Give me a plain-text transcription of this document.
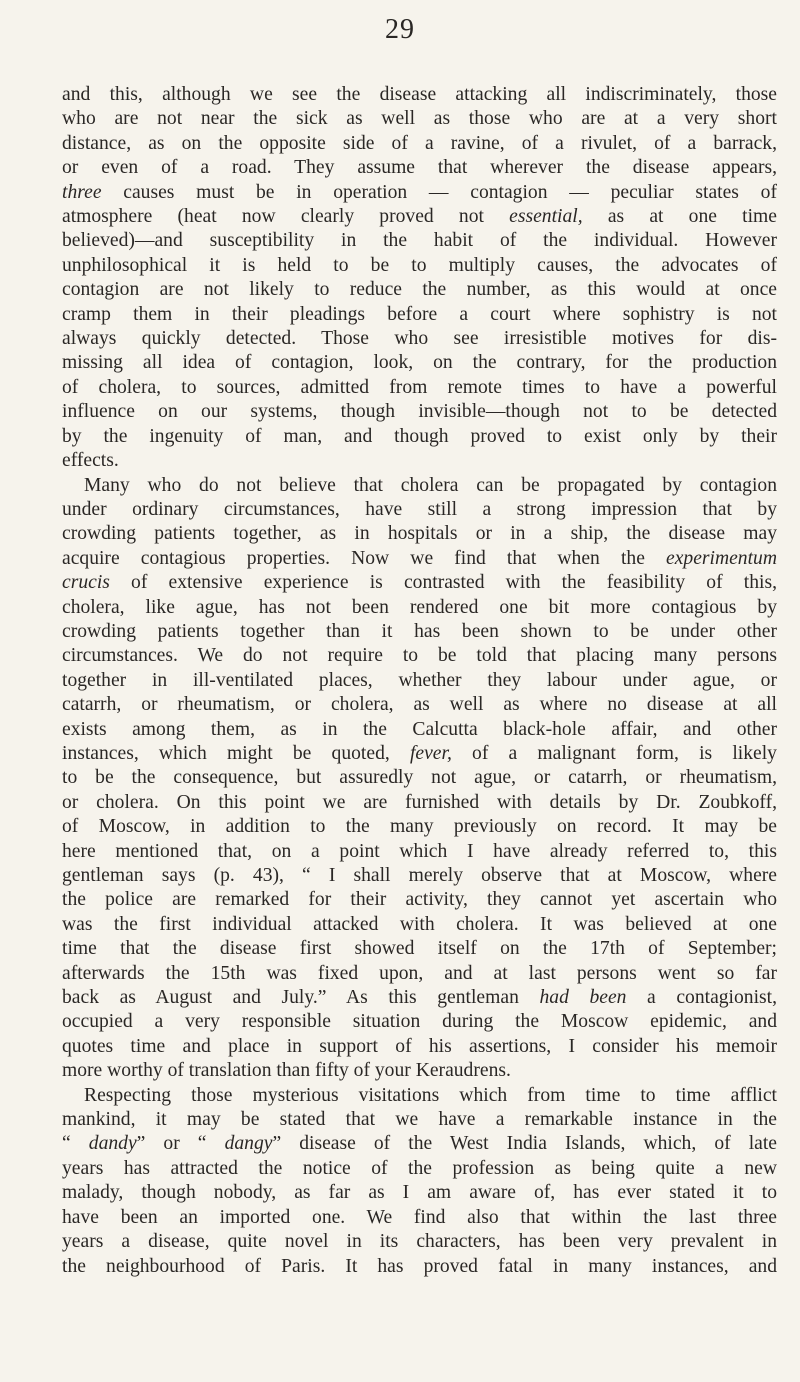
29
and this, although we see the disease attacking all indiscriminately, those
who are not near the sick as well as those who are at a very short
distance, as on the opposite side of a ravine, of a rivulet, of a barrack,
or even of a road. They assume that wherever the disease appears,
three causes must be in operation — contagion — peculiar states of
atmosphere (heat now clearly proved not essential, as at one time
believed)—and susceptibility in the habit of the individual. However
unphilosophical it is held to be to multiply causes, the advocates of
contagion are not likely to reduce the number, as this would at once
cramp them in their pleadings before a court where sophistry is not
always quickly detected. Those who see irresistible motives for dis-
missing all idea of contagion, look, on the contrary, for the production
of cholera, to sources, admitted from remote times to have a powerful
influence on our systems, though invisible—though not to be detected
by the ingenuity of man, and though proved to exist only by their
effects.
Many who do not believe that cholera can be propagated by contagion
under ordinary circumstances, have still a strong impression that by
crowding patients together, as in hospitals or in a ship, the disease may
acquire contagious properties. Now we find that when the experimentum
crucis of extensive experience is contrasted with the feasibility of this,
cholera, like ague, has not been rendered one bit more contagious by
crowding patients together than it has been shown to be under other
circumstances. We do not require to be told that placing many persons
together in ill-ventilated places, whether they labour under ague, or
catarrh, or rheumatism, or cholera, as well as where no disease at all
exists among them, as in the Calcutta black-hole affair, and other
instances, which might be quoted, fever, of a malignant form, is likely
to be the consequence, but assuredly not ague, or catarrh, or rheumatism,
or cholera. On this point we are furnished with details by Dr. Zoubkoff,
of Moscow, in addition to the many previously on record. It may be
here mentioned that, on a point which I have already referred to, this
gentleman says (p. 43), “ I shall merely observe that at Moscow, where
the police are remarked for their activity, they cannot yet ascertain who
was the first individual attacked with cholera. It was believed at one
time that the disease first showed itself on the 17th of September;
afterwards the 15th was fixed upon, and at last persons went so far
back as August and July.” As this gentleman had been a contagionist,
occupied a very responsible situation during the Moscow epidemic, and
quotes time and place in support of his assertions, I consider his memoir
more worthy of translation than fifty of your Keraudrens.
Respecting those mysterious visitations which from time to time afflict
mankind, it may be stated that we have a remarkable instance in the
“ dandy” or “ dangy” disease of the West India Islands, which, of late
years has attracted the notice of the profession as being quite a new
malady, though nobody, as far as I am aware of, has ever stated it to
have been an imported one. We find also that within the last three
years a disease, quite novel in its characters, has been very prevalent in
the neighbourhood of Paris. It has proved fatal in many instances, and
